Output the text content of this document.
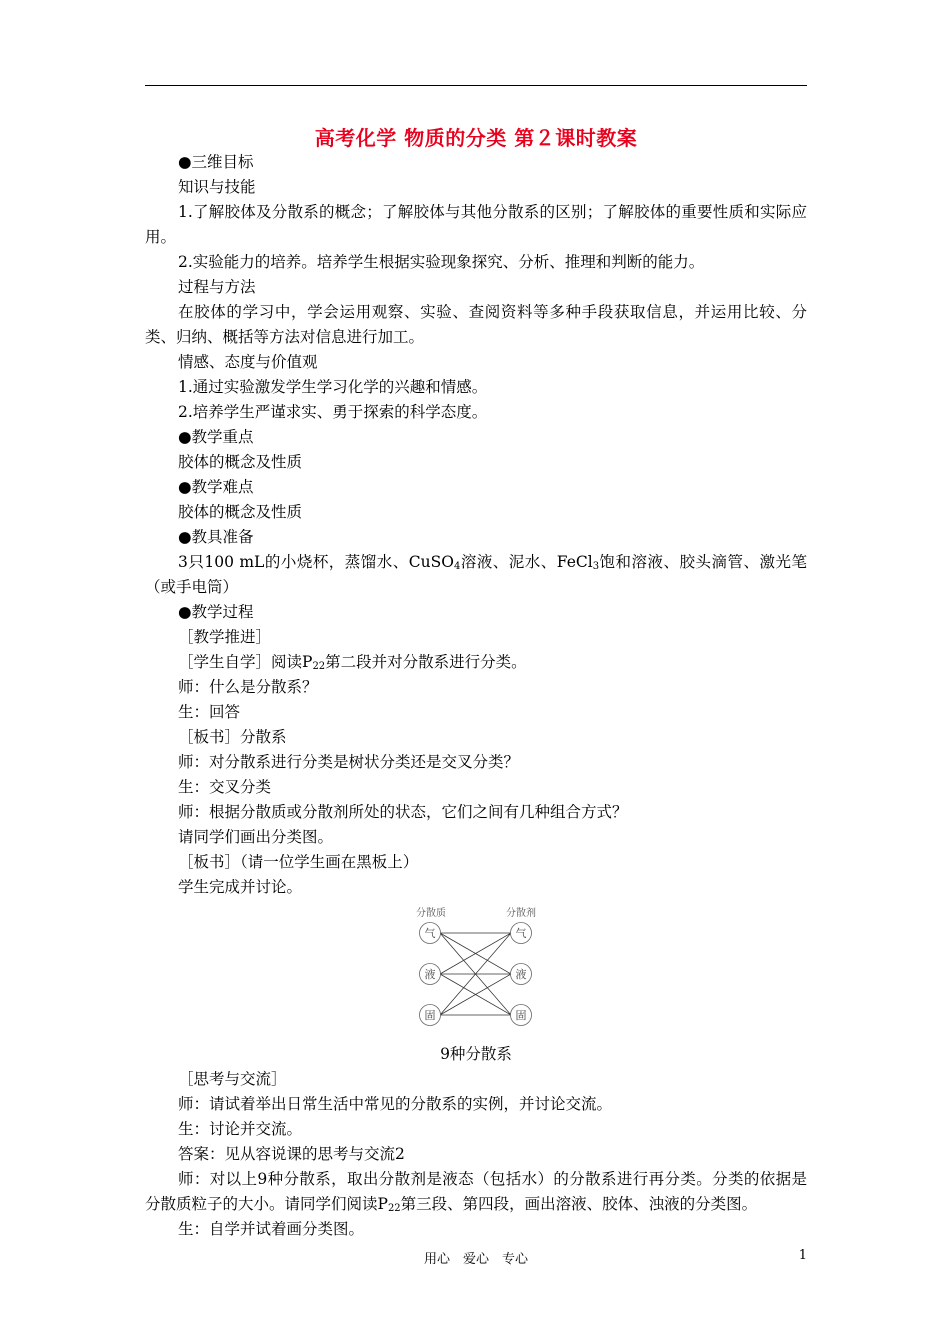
高考化学 物质的分类 第２课时教案

●三维目标

知识与技能

1.了解胶体及分散系的概念；了解胶体与其他分散系的区别；了解胶体的重要性质和实际应用。

2.实验能力的培养。培养学生根据实验现象探究、分析、推理和判断的能力。

过程与方法

在胶体的学习中，学会运用观察、实验、查阅资料等多种手段获取信息，并运用比较、分类、归纳、概括等方法对信息进行加工。

情感、态度与价值观

1.通过实验激发学生学习化学的兴趣和情感。

2.培养学生严谨求实、勇于探索的科学态度。

●教学重点

胶体的概念及性质

●教学难点

胶体的概念及性质

●教具准备

3只100 mL的小烧杯，蒸馏水、CuSO$_4$溶液、泥水、FeCl$_3$饱和溶液、胶头滴管、激光笔（或手电筒）

●教学过程

［教学推进］

［学生自学］阅读$P_{22}$第二段并对分散系进行分类。

师：什么是分散系？

生：回答

［板书］分散系

师：对分散系进行分类是树状分类还是交叉分类？

生：交叉分类

师：根据分散质或分散剂所处的状态，它们之间有几种组合方式？

请同学们画出分类图。

［板书］（请一位学生画在黑板上）

学生完成并讨论。

分散质	分散剂
气
液
固
气
液
固
9种分散系

［思考与交流］

师：请试着举出日常生活中常见的分散系的实例，并讨论交流。

生：讨论并交流。

答案：见从容说课的思考与交流2

师：对以上9种分散系，取出分散剂是液态（包括水）的分散系进行再分类。分类的依据是分散质粒子的大小。请同学们阅读$P_{22}$第三段、第四段，画出溶液、胶体、浊液的分类图。

生：自学并试着画分类图。

用心　爱心　专心	1
